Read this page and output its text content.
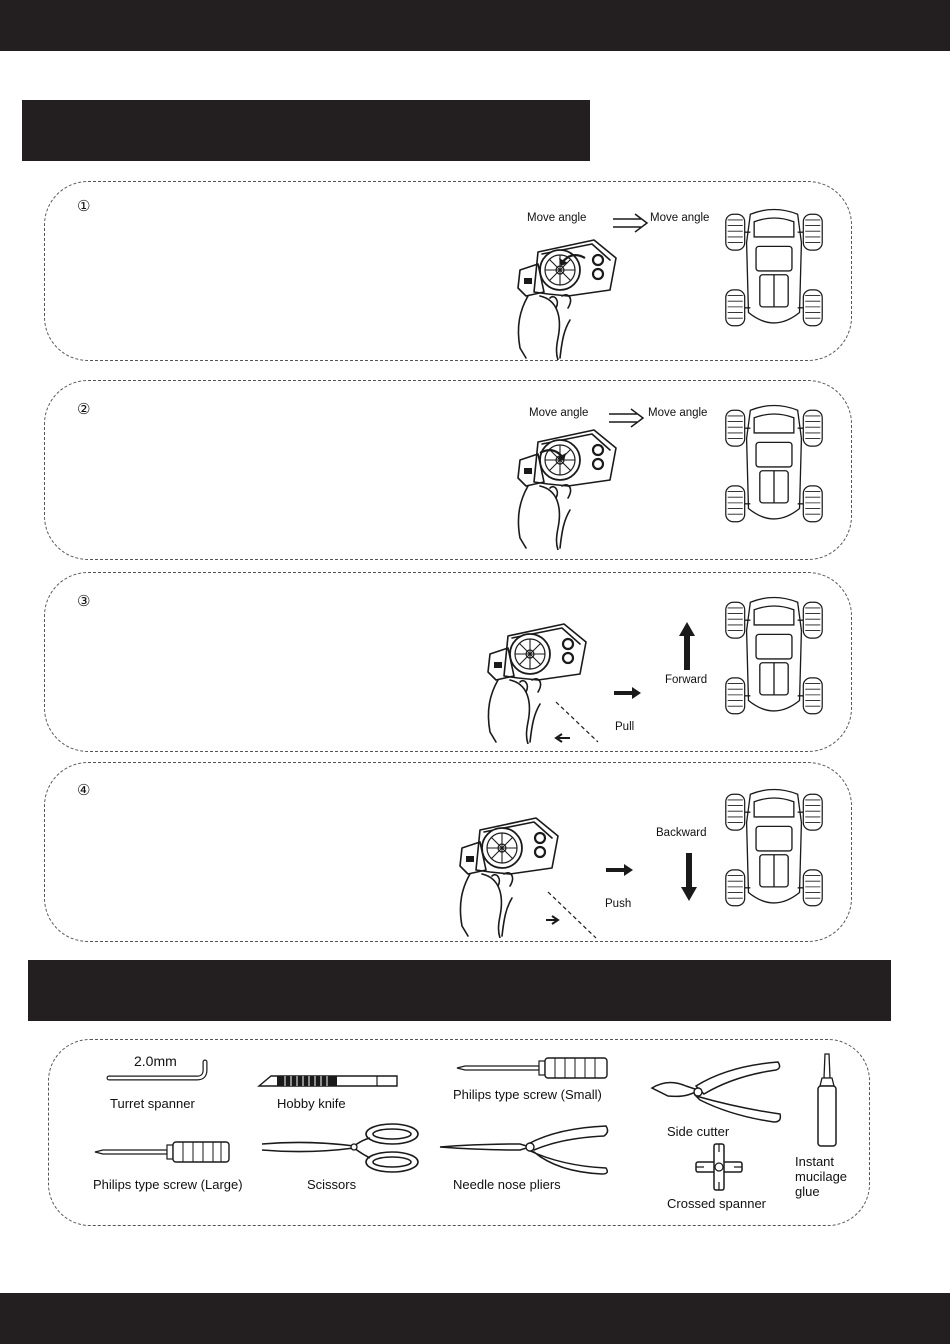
①
Move angle	Move angle
②	Move angle	Move angle
③
Pull
Forward
④
Push
Backward
2.0mm
Turret spanner	Hobby knife
Philips type screw (Small)
Side cutter
Instant mucilage glue
Philips type screw (Large)	Scissors	Needle nose pliers
Crossed spanner
